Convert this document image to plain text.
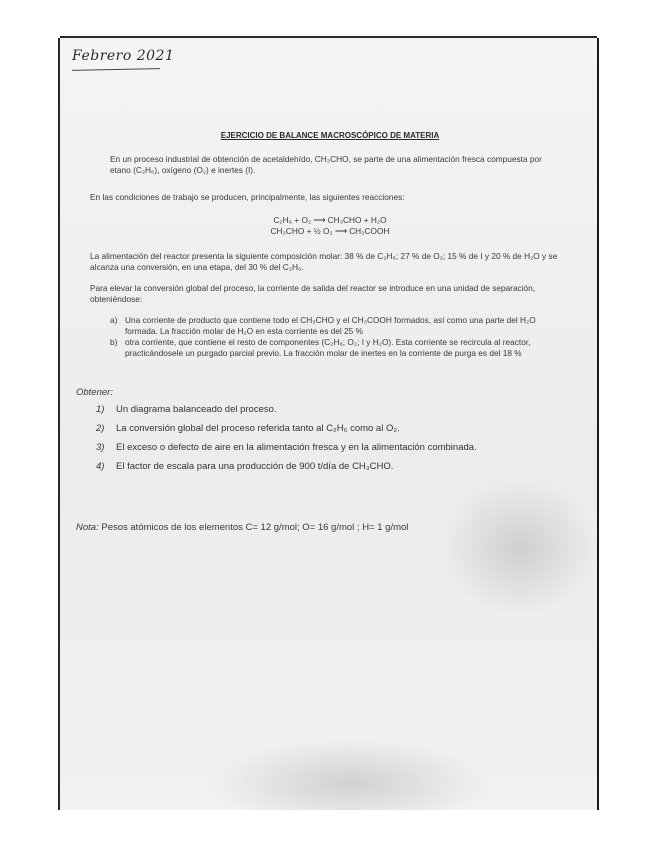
Febrero 2021

EJERCICIO DE BALANCE MACROSCÓPICO DE MATERIA

En un proceso industrial de obtención de acetaldehído, CH₃CHO, se parte de una alimentación fresca compuesta por etano (C₂H₆), oxígeno (O₂) e inertes (I).

En las condiciones de trabajo se producen, principalmente, las siguientes reacciones:

C₂H₆ + O₂ ⟶ CH₃CHO + H₂O

CH₃CHO + ½ O₂ ⟶ CH₃COOH

La alimentación del reactor presenta la siguiente composición molar: 38 % de C₂H₆; 27 % de O₂; 15 % de I y 20 % de H₂O y se alcanza una conversión, en una etapa, del 30 % del C₂H₆.

Para elevar la conversión global del proceso, la corriente de salida del reactor se introduce en una unidad de separación, obteniéndose:

a) Una corriente de producto que contiene todo el CH₃CHO y el CH₃COOH formados, así como una parte del H₂O formada. La fracción molar de H₂O en esta corriente es del 25 %
b) otra corriente, que contiene el resto de componentes (C₂H₆; O₂; I y H₂O). Esta corriente se recircula al reactor, practicándosele un purgado parcial previo. La fracción molar de inertes en la corriente de purga es del 18 %

Obtener:

1)	Un diagrama balanceado del proceso.
2)	La conversión global del proceso referida tanto al C₂H₆ como al O₂.
3)	El exceso o defecto de aire en la alimentación fresca y en la alimentación combinada.
4)	El factor de escala para una producción de 900 t/día de CH₃CHO.

Nota: Pesos atómicos de los elementos C= 12 g/mol; O= 16 g/mol ; H= 1 g/mol
